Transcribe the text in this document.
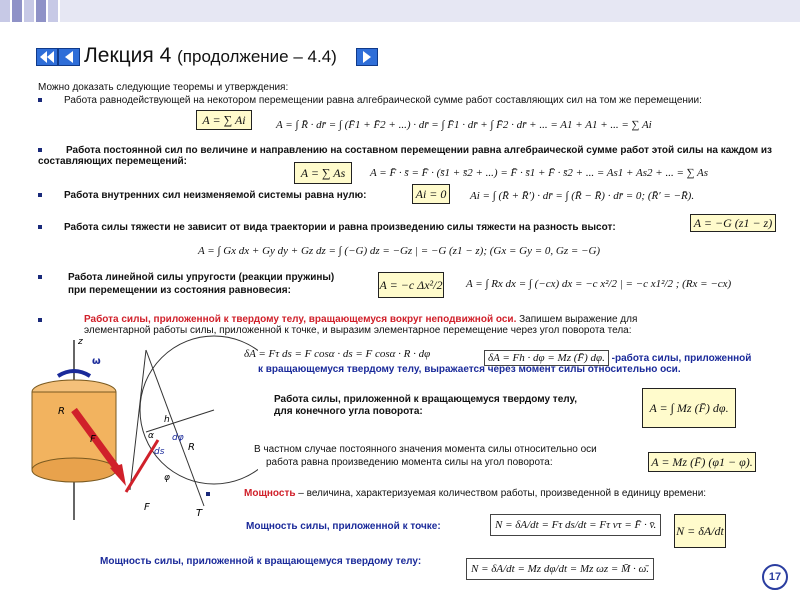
Лекция 4 (продолжение – 4.4)
Можно доказать следующие теоремы и утверждения:
Работа равнодействующей на некотором перемещении равна алгебраической сумме работ составляющих сил на том же перемещении:
A = ∑ Ai	A = ∫ R̄ · dr̄ = ∫ (F̄1 + F̄2 + ...) · dr̄ = ∫ F̄1 · dr̄ + ∫ F̄2 · dr̄ + ... = A1 + A1 + ... = ∑ Ai
Работа постоянной сил по величине и направлению на составном перемещении равна алгебраической сумме работ этой силы на каждом из составляющих перемещений:
A = ∑ As	A = F̄ · s̄ = F̄ · (s̄1 + s̄2 + ...) = F̄ · s̄1 + F̄ · s̄2 + ... = As1 + As2 + ... = ∑ As
Работа внутренних сил неизменяемой системы равна нулю:	Ai = 0	Ai = ∫ (R̄ + R̄′) · dr̄ = ∫ (R̄ − R̄) · dr̄ = 0; (R̄′ = −R̄).
Работа силы тяжести не зависит от вида траектории и равна произведению силы тяжести на разность высот:	A = −G (z1 − z)
A = ∫ Gx dx + Gy dy + Gz dz = ∫ (−G) dz = −Gz | = −G (z1 − z); (Gx = Gy = 0, Gz = −G)
Работа линейной силы упругости (реакции пружины)
при перемещении из состояния равновесия:	A = −c Δx²/2 A = ∫ Rx dx = ∫ (−cx) dx = −c x²/2 | = −c x1²/2 ; (Rx = −cx)
Работа силы, приложенной к твердому телу, вращающемуся вокруг неподвижной оси. Запишем выражение для элементарной работы силы, приложенной к точке, и выразим элементарное перемещение через угол поворота тела:
δA = Fτ ds = F cosα · ds = F cosα · R · dφ	δA = Fh · dφ = Mz (F̄) dφ. -работа силы, приложенной
к вращающемуся твердому телу, выражается через момент силы относительно оси.
Работа силы, приложенной к вращающемуся твердому телу,
для конечного угла поворота:	A = ∫ Mz (F̄) dφ.
В частном случае постоянного значения момента силы относительно оси
работа равна произведению момента силы на угол поворота:	A = Mz (F̄) (φ1 − φ).
Мощность – величина, характеризуемая количеством работы, произведенной в единицу времени:
Мощность силы, приложенной к точке:	N = δA/dt = Fτ ds/dt = Fτ vτ = F̄ · v̄.	N = δA/dt
Мощность силы, приложенной к вращающемуся твердому телу:
N = δA/dt = Mz dφ/dt = Mz ωz = M̄ · ω̄.
z
ω
R
F
F
T
h
dφ
ds
α
φ
R
17
